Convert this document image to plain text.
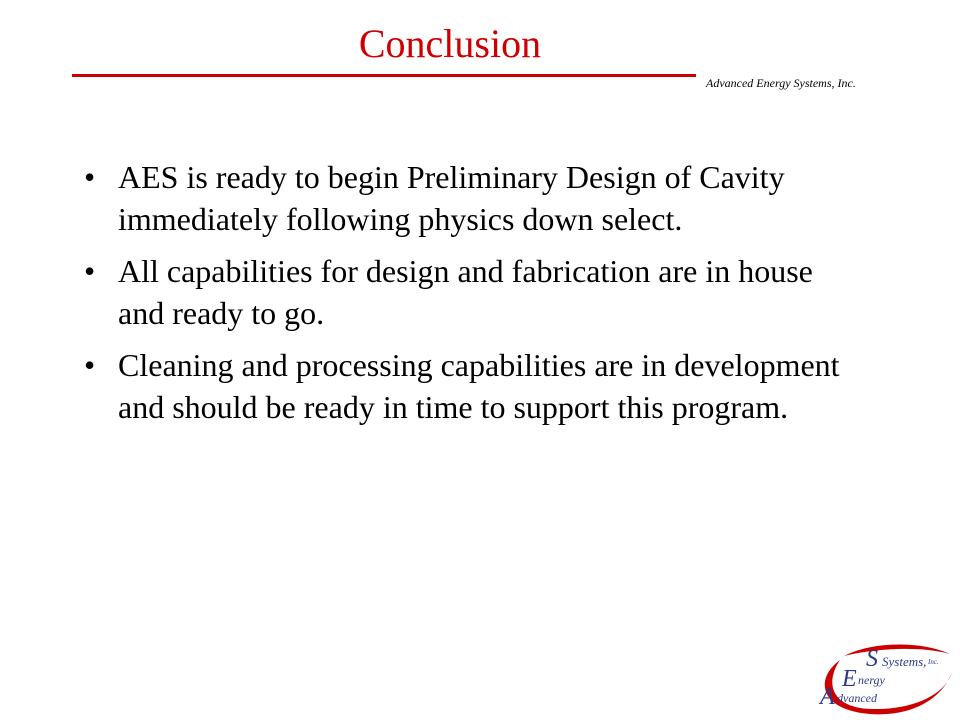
Conclusion
Advanced Energy Systems, Inc.
• AES is ready to begin Preliminary Design of Cavity immediately following physics down select.
• All capabilities for design and fabrication are in house and ready to go.
• Cleaning and processing capabilities are in development and should be ready in time to support this program.
S Systems, Inc.
E nergy
A dvanced
